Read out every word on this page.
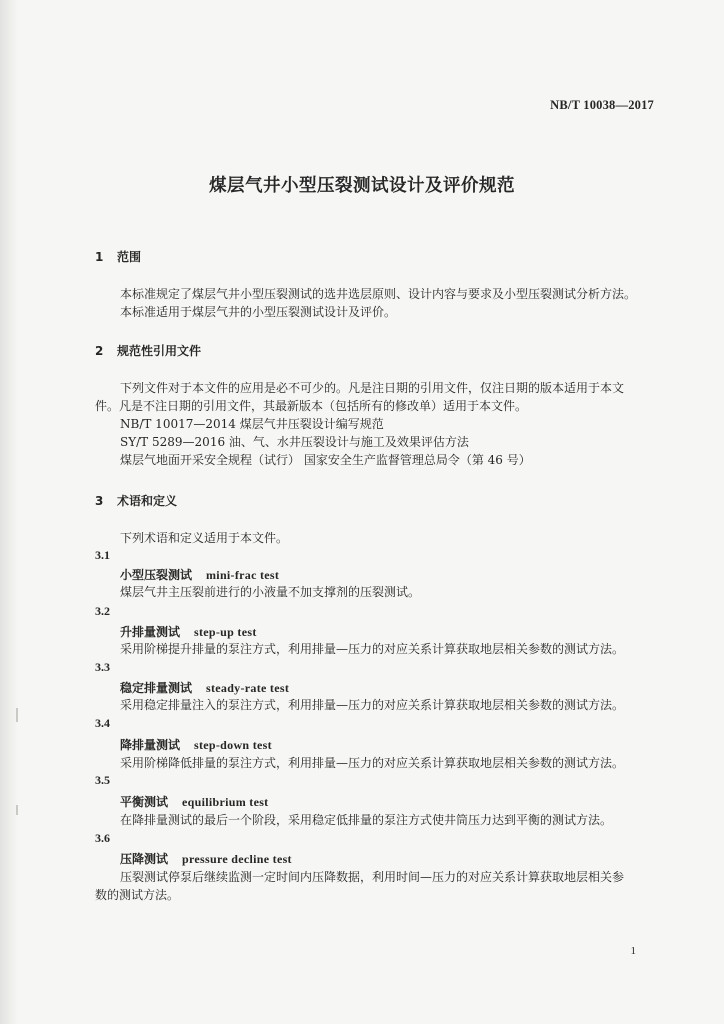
NB/T 10038—2017
煤层气井小型压裂测试设计及评价规范
1 范围
本标准规定了煤层气井小型压裂测试的选井选层原则、设计内容与要求及小型压裂测试分析方法。
本标准适用于煤层气井的小型压裂测试设计及评价。
2 规范性引用文件
下列文件对于本文件的应用是必不可少的。凡是注日期的引用文件，仅注日期的版本适用于本文
件。凡是不注日期的引用文件，其最新版本（包括所有的修改单）适用于本文件。
NB/T 10017—2014 煤层气井压裂设计编写规范
SY/T 5289—2016 油、气、水井压裂设计与施工及效果评估方法
煤层气地面开采安全规程（试行） 国家安全生产监督管理总局令（第 46 号）
3 术语和定义
下列术语和定义适用于本文件。
3.1
小型压裂测试 mini-frac test
煤层气井主压裂前进行的小液量不加支撑剂的压裂测试。
3.2
升排量测试 step-up test
采用阶梯提升排量的泵注方式，利用排量—压力的对应关系计算获取地层相关参数的测试方法。
3.3
稳定排量测试 steady-rate test
采用稳定排量注入的泵注方式，利用排量—压力的对应关系计算获取地层相关参数的测试方法。
3.4
降排量测试 step-down test
采用阶梯降低排量的泵注方式，利用排量—压力的对应关系计算获取地层相关参数的测试方法。
3.5
平衡测试 equilibrium test
在降排量测试的最后一个阶段，采用稳定低排量的泵注方式使井筒压力达到平衡的测试方法。
3.6
压降测试 pressure decline test
压裂测试停泵后继续监测一定时间内压降数据，利用时间—压力的对应关系计算获取地层相关参
数的测试方法。
1
